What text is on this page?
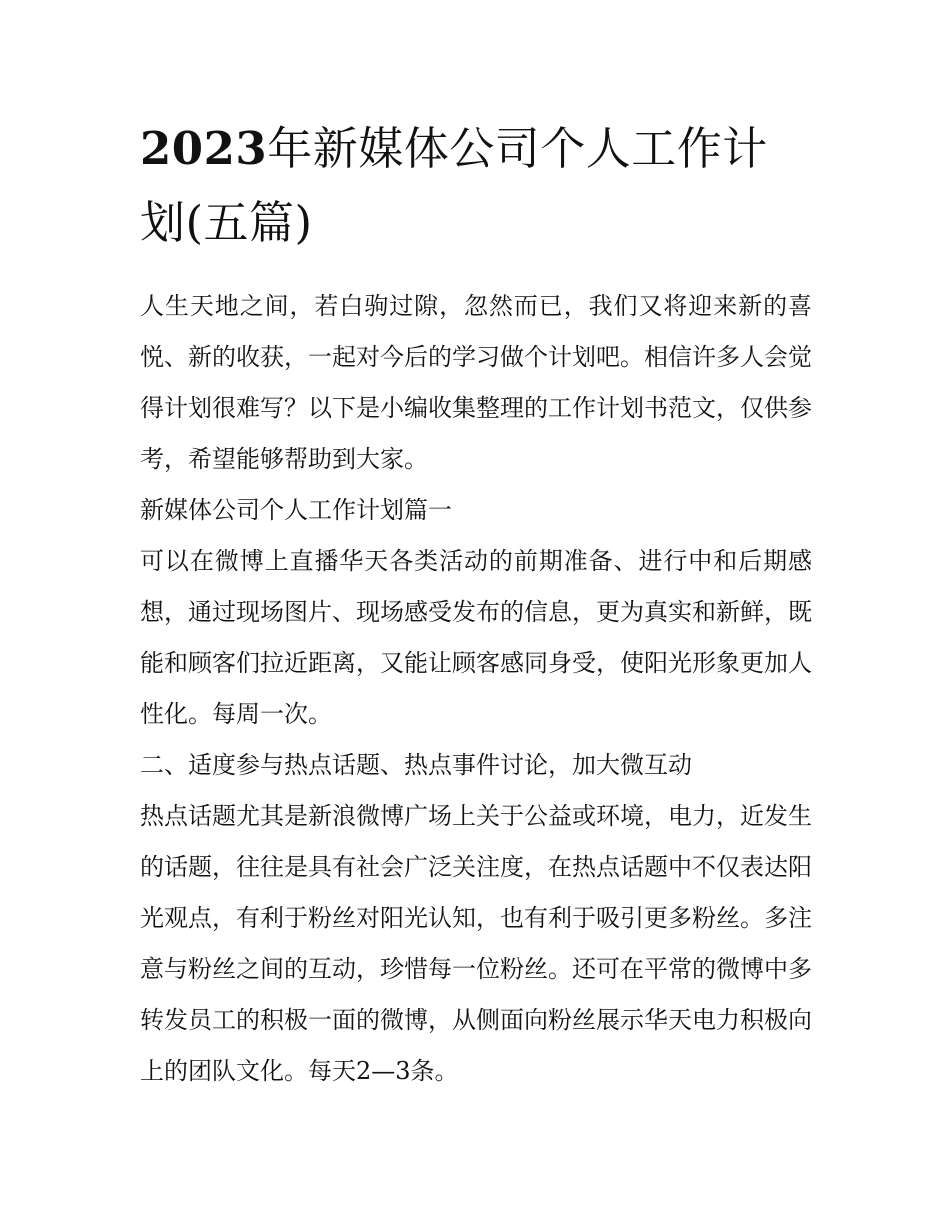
2023年新媒体公司个人工作计划(五篇)

人生天地之间，若白驹过隙，忽然而已，我们又将迎来新的喜悦、新的收获，一起对今后的学习做个计划吧。相信许多人会觉得计划很难写？以下是小编收集整理的工作计划书范文，仅供参考，希望能够帮助到大家。

新媒体公司个人工作计划篇一

可以在微博上直播华天各类活动的前期准备、进行中和后期感想，通过现场图片、现场感受发布的信息，更为真实和新鲜，既能和顾客们拉近距离，又能让顾客感同身受，使阳光形象更加人性化。每周一次。

二、适度参与热点话题、热点事件讨论，加大微互动

热点话题尤其是新浪微博广场上关于公益或环境，电力，近发生的话题，往往是具有社会广泛关注度，在热点话题中不仅表达阳光观点，有利于粉丝对阳光认知，也有利于吸引更多粉丝。多注意与粉丝之间的互动，珍惜每一位粉丝。还可在平常的微博中多转发员工的积极一面的微博，从侧面向粉丝展示华天电力积极向上的团队文化。每天2—3条。
